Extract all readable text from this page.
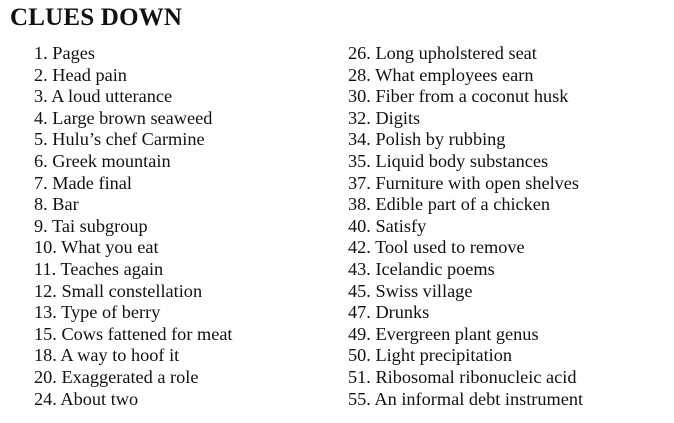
CLUES DOWN
1. Pages
2. Head pain
3. A loud utterance
4. Large brown seaweed
5. Hulu’s chef Carmine
6. Greek mountain
7. Made final
8. Bar
9. Tai subgroup
10. What you eat
11. Teaches again
12. Small constellation
13. Type of berry
15. Cows fattened for meat
18. A way to hoof it
20. Exaggerated a role
24. About two
26. Long upholstered seat
28. What employees earn
30. Fiber from a coconut husk
32. Digits
34. Polish by rubbing
35. Liquid body substances
37. Furniture with open shelves
38. Edible part of a chicken
40. Satisfy
42. Tool used to remove
43. Icelandic poems
45. Swiss village
47. Drunks
49. Evergreen plant genus
50. Light precipitation
51. Ribosomal ribonucleic acid
55. An informal debt instrument
